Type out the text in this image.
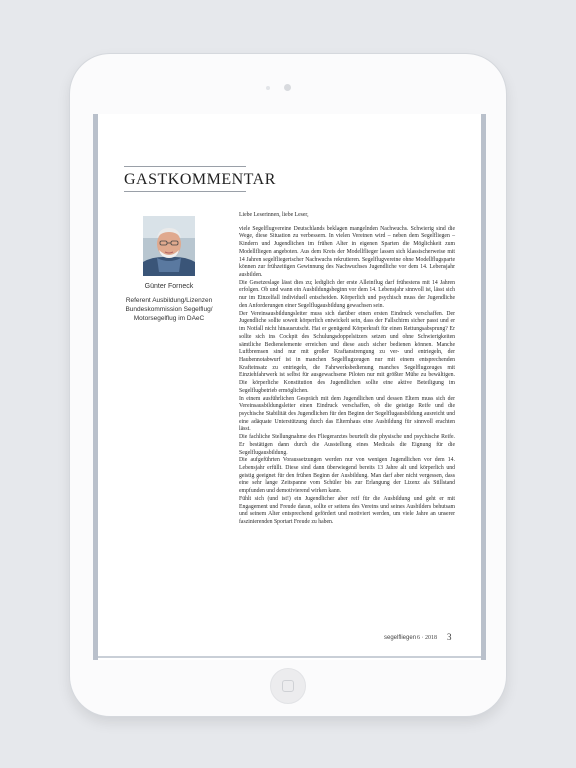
GASTKOMMENTAR
Günter Forneck
Referent Ausbildung/Lizenzen Bundeskommission Segelflug/ Motorsegelflug im DAeC

Liebe Leserinnen, liebe Leser,

viele Segelflugvereine Deutschlands beklagen mangelnden Nachwuchs. Schwierig sind die Wege, diese Situation zu verbessern. In vielen Vereinen wird – neben dem Segelfliegen – Kindern und Jugendlichen im frühen Alter in eigenen Sparten die Möglichkeit zum Modellfliegen angeboten. Aus dem Kreis der Modellflieger lassen sich klassischerweise mit 14 Jahren segelfliegerischer Nachwuchs rekrutieren. Segelflugvereine ohne Modellflugsparte können zur frühzeitigen Gewinnung des Nachwuchses Jugendliche vor dem 14. Lebensjahr ausbilden.

Die Gesetzeslage lässt dies zu; lediglich der erste Alleinflug darf frühestens mit 14 Jahren erfolgen. Ob und wann ein Ausbildungsbeginn vor dem 14. Lebensjahr sinnvoll ist, lässt sich nur im Einzelfall individuell entscheiden. Körperlich und psychisch muss der Jugendliche den Anforderungen einer Segelflugausbildung gewachsen sein.

Der Vereinsausbildungsleiter muss sich darüber einen ersten Eindruck verschaffen. Der Jugendliche sollte soweit körperlich entwickelt sein, dass der Fallschirm sicher passt und er im Notfall nicht hinausrutscht. Hat er genügend Körperkraft für einen Rettungsabsprung? Er sollte sich ins Cockpit des Schulungsdoppelsitzers setzen und ohne Schwierigkeiten sämtliche Bedienelemente erreichen und diese auch sicher bedienen können. Manche Luftbremsen sind nur mit großer Kraftanstrengung zu ver- und entriegeln, der Haubennotabwurf ist in manchen Segelflugzeugen nur mit einem entsprechenden Krafteinsatz zu entriegeln, die Fahrwerksbedienung manches Segelflugzeuges mit Einziehfahrwerk ist selbst für ausgewachsene Piloten nur mit größter Mühe zu bewältigen. Die körperliche Konstitution des Jugendlichen sollte eine aktive Beteiligung im Segelflugbetrieb ermöglichen.

In einem ausführlichen Gespräch mit dem Jugendlichen und dessen Eltern muss sich der Vereinsausbildungsleiter einen Eindruck verschaffen, ob die geistige Reife und die psychische Stabilität des Jugendlichen für den Beginn der Segelflugausbildung ausreicht und eine adäquate Unterstützung durch das Elternhaus eine Ausbildung für sinnvoll erachten lässt.

Die fachliche Stellungnahme des Fliegerarztes beurteilt die physische und psychische Reife. Er bestätigen dann durch die Ausstellung eines Medicals die Eignung für die Segelflugausbildung.

Die aufgeführten Voraussetzungen werden nur von wenigen Jugendlichen vor dem 14. Lebensjahr erfüllt. Diese sind dann überwiegend bereits 13 Jahre alt und körperlich und geistig geeignet für den frühen Beginn der Ausbildung. Man darf aber nicht vergessen, dass eine sehr lange Zeitspanne vom Schüler bis zur Erlangung der Lizenz als Stillstand empfunden und demotivierend wirken kann.

Fühlt sich (und ist!) ein Jugendlicher aber reif für die Ausbildung und geht er mit Engagement und Freude daran, sollte er seitens des Vereins und seines Ausbilders behutsam und seinem Alter entsprechend gefördert und motiviert werden, um viele Jahre an unserer faszinierenden Sportart Freude zu haben.

segelfliegen 6 · 2018 3
